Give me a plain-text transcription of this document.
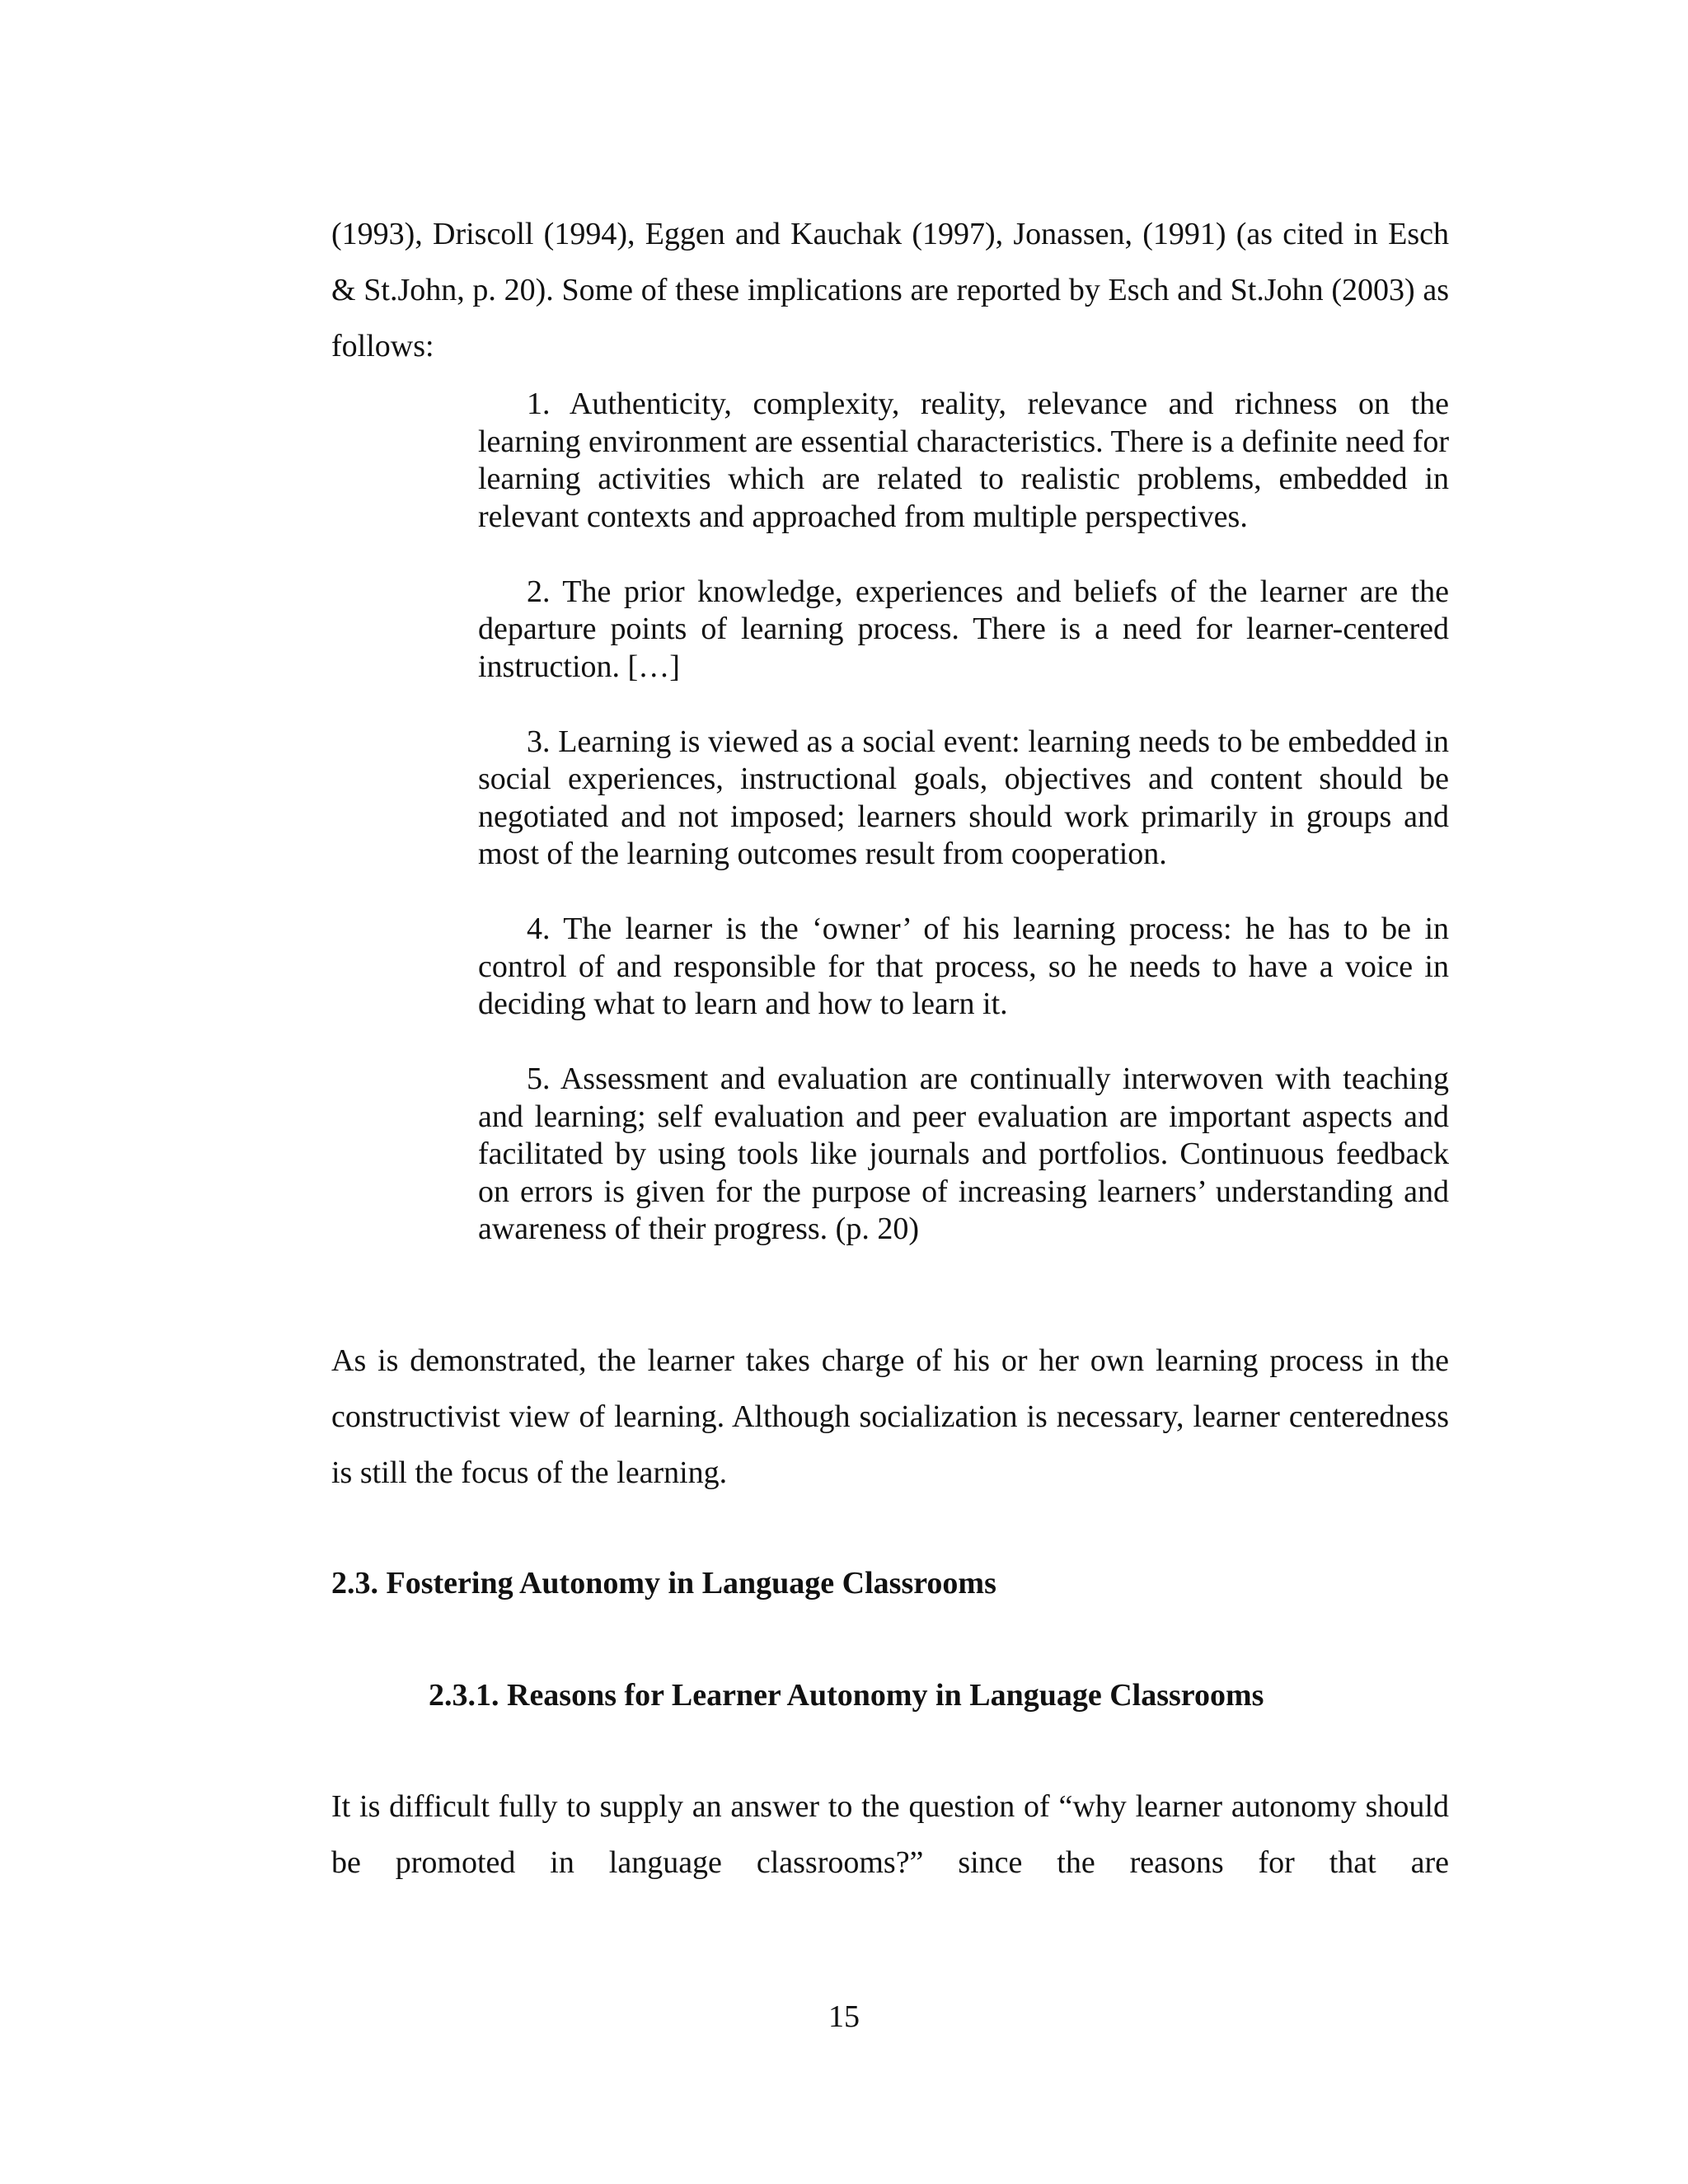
(1993), Driscoll (1994), Eggen and Kauchak (1997), Jonassen, (1991) (as cited in Esch & St.John, p. 20). Some of these implications are reported by Esch and St.John (2003) as follows:

1. Authenticity, complexity, reality, relevance and richness on the learning environment are essential characteristics. There is a definite need for learning activities which are related to realistic problems, embedded in relevant contexts and approached from multiple perspectives.
2. The prior knowledge, experiences and beliefs of the learner are the departure points of learning process. There is a need for learner-centered instruction. […]
3. Learning is viewed as a social event: learning needs to be embedded in social experiences, instructional goals, objectives and content should be negotiated and not imposed; learners should work primarily in groups and most of the learning outcomes result from cooperation.
4. The learner is the ‘owner’ of his learning process: he has to be in control of and responsible for that process, so he needs to have a voice in deciding what to learn and how to learn it.
5. Assessment and evaluation are continually interwoven with teaching and learning; self evaluation and peer evaluation are important aspects and facilitated by using tools like journals and portfolios. Continuous feedback on errors is given for the purpose of increasing learners’ understanding and awareness of their progress. (p. 20)

As is demonstrated, the learner takes charge of his or her own learning process in the constructivist view of learning. Although socialization is necessary, learner centeredness is still the focus of the learning.

2.3. Fostering Autonomy in Language Classrooms
2.3.1. Reasons for Learner Autonomy in Language Classrooms

It is difficult fully to supply an answer to the question of “why learner autonomy should be promoted in language classrooms?” since the reasons for that are

15
